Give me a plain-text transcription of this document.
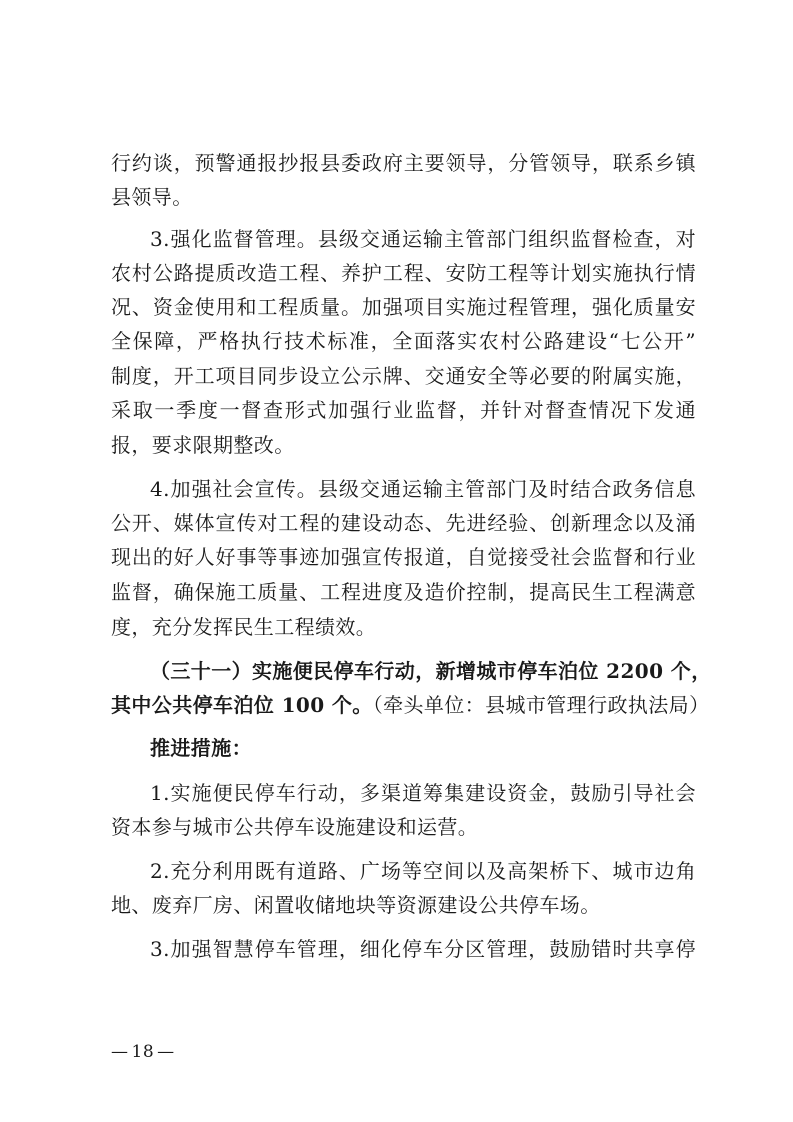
行约谈，预警通报抄报县委政府主要领导，分管领导，联系乡镇
县领导。
3.强化监督管理。县级交通运输主管部门组织监督检查，对
农村公路提质改造工程、养护工程、安防工程等计划实施执行情
况、资金使用和工程质量。加强项目实施过程管理，强化质量安
全保障，严格执行技术标准，全面落实农村公路建设“七公开”
制度，开工项目同步设立公示牌、交通安全等必要的附属实施，
采取一季度一督查形式加强行业监督，并针对督查情况下发通
报，要求限期整改。
4.加强社会宣传。县级交通运输主管部门及时结合政务信息
公开、媒体宣传对工程的建设动态、先进经验、创新理念以及涌
现出的好人好事等事迹加强宣传报道，自觉接受社会监督和行业
监督，确保施工质量、工程进度及造价控制，提高民生工程满意
度，充分发挥民生工程绩效。
（三十一）实施便民停车行动，新增城市停车泊位 2200 个，
其中公共停车泊位 100 个。（牵头单位：县城市管理行政执法局）
推进措施：
1.实施便民停车行动，多渠道筹集建设资金，鼓励引导社会
资本参与城市公共停车设施建设和运营。
2.充分利用既有道路、广场等空间以及高架桥下、城市边角
地、废弃厂房、闲置收储地块等资源建设公共停车场。
3.加强智慧停车管理，细化停车分区管理，鼓励错时共享停
— 18 —
